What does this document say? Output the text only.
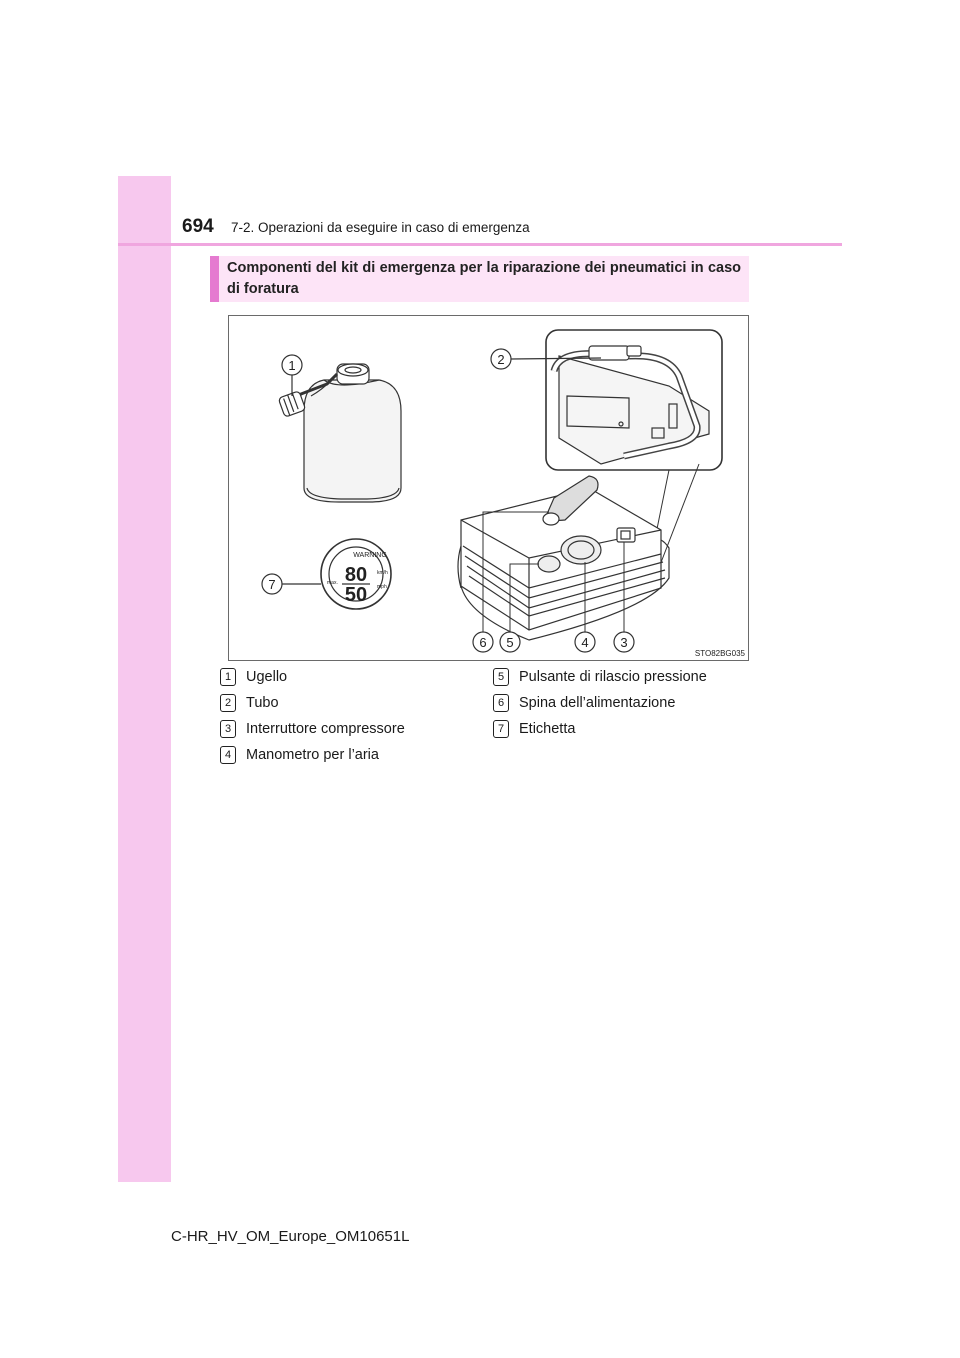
694 7-2. Operazioni da eseguire in caso di emergenza
Componenti del kit di emergenza per la riparazione dei pneumatici in caso di foratura
1	2
WARNING
80
50
km/h
mph
max.
7
6 5	4 3
STO82BG035
1	Ugello
2	Tubo
3	Interruttore compressore
4	Manometro per l’aria
5	Pulsante di rilascio pressione
6	Spina dell’alimentazione
7	Etichetta
C-HR_HV_OM_Europe_OM10651L
